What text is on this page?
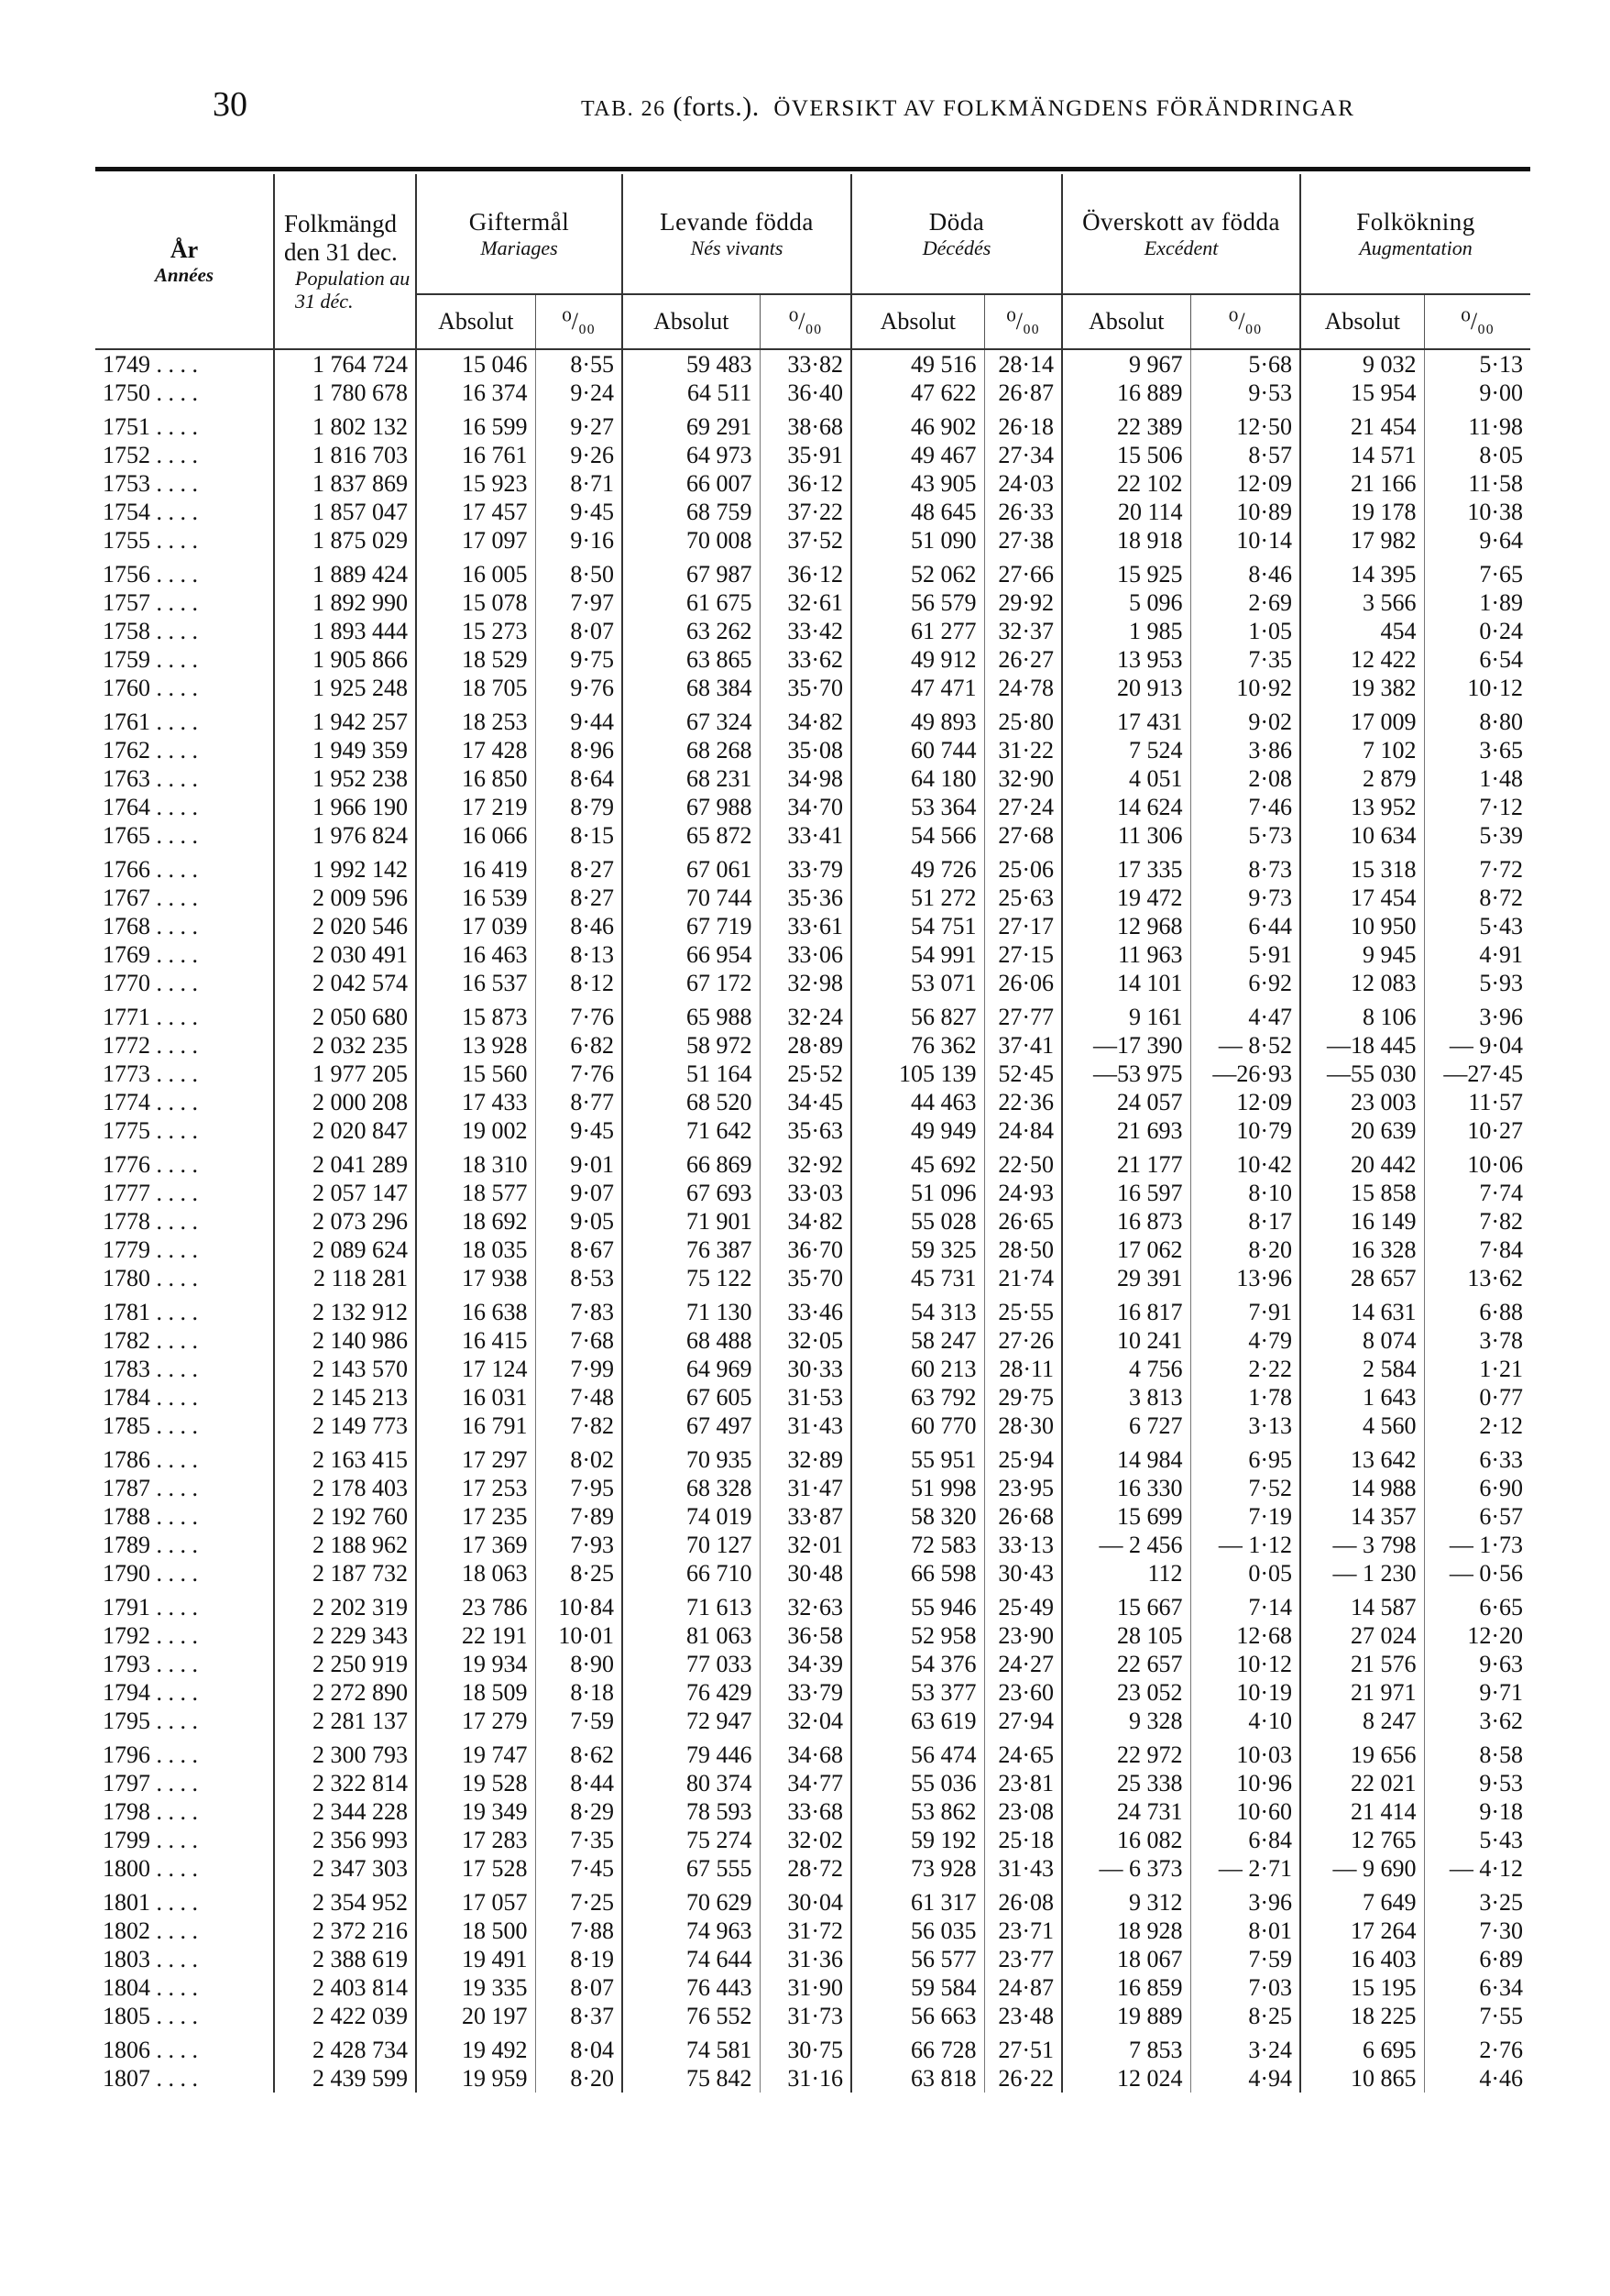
30	TAB. 26 (forts.). ÖVERSIKT AV FOLKMÄNGDENS FÖRÄNDRINGAR
År
Années	Folkmängd den 31 dec.
Population au 31 déc.	Giftermål
Mariages		Levande födda
Nés vivants		Döda
Décédés		Överskott av födda
Excédent		Folkökning
Augmentation	

		Absolut	⁰/₀₀	Absolut	⁰/₀₀	Absolut	⁰/₀₀	Absolut	⁰/₀₀	Absolut	⁰/₀₀
1749 . . . .	1 764 724	15 046	8·55	59 483	33·82	49 516	28·14	9 967	5·68	9 032	5·13
1750 . . . .	1 780 678	16 374	9·24	64 511	36·40	47 622	26·87	16 889	9·53	15 954	9·00
1751 . . . .	1 802 132	16 599	9·27	69 291	38·68	46 902	26·18	22 389	12·50	21 454	11·98
1752 . . . .	1 816 703	16 761	9·26	64 973	35·91	49 467	27·34	15 506	8·57	14 571	8·05
1753 . . . .	1 837 869	15 923	8·71	66 007	36·12	43 905	24·03	22 102	12·09	21 166	11·58
1754 . . . .	1 857 047	17 457	9·45	68 759	37·22	48 645	26·33	20 114	10·89	19 178	10·38
1755 . . . .	1 875 029	17 097	9·16	70 008	37·52	51 090	27·38	18 918	10·14	17 982	9·64
1756 . . . .	1 889 424	16 005	8·50	67 987	36·12	52 062	27·66	15 925	8·46	14 395	7·65
1757 . . . .	1 892 990	15 078	7·97	61 675	32·61	56 579	29·92	5 096	2·69	3 566	1·89
1758 . . . .	1 893 444	15 273	8·07	63 262	33·42	61 277	32·37	1 985	1·05	454	0·24
1759 . . . .	1 905 866	18 529	9·75	63 865	33·62	49 912	26·27	13 953	7·35	12 422	6·54
1760 . . . .	1 925 248	18 705	9·76	68 384	35·70	47 471	24·78	20 913	10·92	19 382	10·12
1761 . . . .	1 942 257	18 253	9·44	67 324	34·82	49 893	25·80	17 431	9·02	17 009	8·80
1762 . . . .	1 949 359	17 428	8·96	68 268	35·08	60 744	31·22	7 524	3·86	7 102	3·65
1763 . . . .	1 952 238	16 850	8·64	68 231	34·98	64 180	32·90	4 051	2·08	2 879	1·48
1764 . . . .	1 966 190	17 219	8·79	67 988	34·70	53 364	27·24	14 624	7·46	13 952	7·12
1765 . . . .	1 976 824	16 066	8·15	65 872	33·41	54 566	27·68	11 306	5·73	10 634	5·39
1766 . . . .	1 992 142	16 419	8·27	67 061	33·79	49 726	25·06	17 335	8·73	15 318	7·72
1767 . . . .	2 009 596	16 539	8·27	70 744	35·36	51 272	25·63	19 472	9·73	17 454	8·72
1768 . . . .	2 020 546	17 039	8·46	67 719	33·61	54 751	27·17	12 968	6·44	10 950	5·43
1769 . . . .	2 030 491	16 463	8·13	66 954	33·06	54 991	27·15	11 963	5·91	9 945	4·91
1770 . . . .	2 042 574	16 537	8·12	67 172	32·98	53 071	26·06	14 101	6·92	12 083	5·93
1771 . . . .	2 050 680	15 873	7·76	65 988	32·24	56 827	27·77	9 161	4·47	8 106	3·96
1772 . . . .	2 032 235	13 928	6·82	58 972	28·89	76 362	37·41	—17 390	— 8·52	—18 445	— 9·04
1773 . . . .	1 977 205	15 560	7·76	51 164	25·52	105 139	52·45	—53 975	—26·93	—55 030	—27·45
1774 . . . .	2 000 208	17 433	8·77	68 520	34·45	44 463	22·36	24 057	12·09	23 003	11·57
1775 . . . .	2 020 847	19 002	9·45	71 642	35·63	49 949	24·84	21 693	10·79	20 639	10·27
1776 . . . .	2 041 289	18 310	9·01	66 869	32·92	45 692	22·50	21 177	10·42	20 442	10·06
1777 . . . .	2 057 147	18 577	9·07	67 693	33·03	51 096	24·93	16 597	8·10	15 858	7·74
1778 . . . .	2 073 296	18 692	9·05	71 901	34·82	55 028	26·65	16 873	8·17	16 149	7·82
1779 . . . .	2 089 624	18 035	8·67	76 387	36·70	59 325	28·50	17 062	8·20	16 328	7·84
1780 . . . .	2 118 281	17 938	8·53	75 122	35·70	45 731	21·74	29 391	13·96	28 657	13·62
1781 . . . .	2 132 912	16 638	7·83	71 130	33·46	54 313	25·55	16 817	7·91	14 631	6·88
1782 . . . .	2 140 986	16 415	7·68	68 488	32·05	58 247	27·26	10 241	4·79	8 074	3·78
1783 . . . .	2 143 570	17 124	7·99	64 969	30·33	60 213	28·11	4 756	2·22	2 584	1·21
1784 . . . .	2 145 213	16 031	7·48	67 605	31·53	63 792	29·75	3 813	1·78	1 643	0·77
1785 . . . .	2 149 773	16 791	7·82	67 497	31·43	60 770	28·30	6 727	3·13	4 560	2·12
1786 . . . .	2 163 415	17 297	8·02	70 935	32·89	55 951	25·94	14 984	6·95	13 642	6·33
1787 . . . .	2 178 403	17 253	7·95	68 328	31·47	51 998	23·95	16 330	7·52	14 988	6·90
1788 . . . .	2 192 760	17 235	7·89	74 019	33·87	58 320	26·68	15 699	7·19	14 357	6·57
1789 . . . .	2 188 962	17 369	7·93	70 127	32·01	72 583	33·13	— 2 456	— 1·12	— 3 798	— 1·73
1790 . . . .	2 187 732	18 063	8·25	66 710	30·48	66 598	30·43	112	0·05	— 1 230	— 0·56
1791 . . . .	2 202 319	23 786	10·84	71 613	32·63	55 946	25·49	15 667	7·14	14 587	6·65
1792 . . . .	2 229 343	22 191	10·01	81 063	36·58	52 958	23·90	28 105	12·68	27 024	12·20
1793 . . . .	2 250 919	19 934	8·90	77 033	34·39	54 376	24·27	22 657	10·12	21 576	9·63
1794 . . . .	2 272 890	18 509	8·18	76 429	33·79	53 377	23·60	23 052	10·19	21 971	9·71
1795 . . . .	2 281 137	17 279	7·59	72 947	32·04	63 619	27·94	9 328	4·10	8 247	3·62
1796 . . . .	2 300 793	19 747	8·62	79 446	34·68	56 474	24·65	22 972	10·03	19 656	8·58
1797 . . . .	2 322 814	19 528	8·44	80 374	34·77	55 036	23·81	25 338	10·96	22 021	9·53
1798 . . . .	2 344 228	19 349	8·29	78 593	33·68	53 862	23·08	24 731	10·60	21 414	9·18
1799 . . . .	2 356 993	17 283	7·35	75 274	32·02	59 192	25·18	16 082	6·84	12 765	5·43
1800 . . . .	2 347 303	17 528	7·45	67 555	28·72	73 928	31·43	— 6 373	— 2·71	— 9 690	— 4·12
1801 . . . .	2 354 952	17 057	7·25	70 629	30·04	61 317	26·08	9 312	3·96	7 649	3·25
1802 . . . .	2 372 216	18 500	7·88	74 963	31·72	56 035	23·71	18 928	8·01	17 264	7·30
1803 . . . .	2 388 619	19 491	8·19	74 644	31·36	56 577	23·77	18 067	7·59	16 403	6·89
1804 . . . .	2 403 814	19 335	8·07	76 443	31·90	59 584	24·87	16 859	7·03	15 195	6·34
1805 . . . .	2 422 039	20 197	8·37	76 552	31·73	56 663	23·48	19 889	8·25	18 225	7·55
1806 . . . .	2 428 734	19 492	8·04	74 581	30·75	66 728	27·51	7 853	3·24	6 695	2·76
1807 . . . .	2 439 599	19 959	8·20	75 842	31·16	63 818	26·22	12 024	4·94	10 865	4·46
